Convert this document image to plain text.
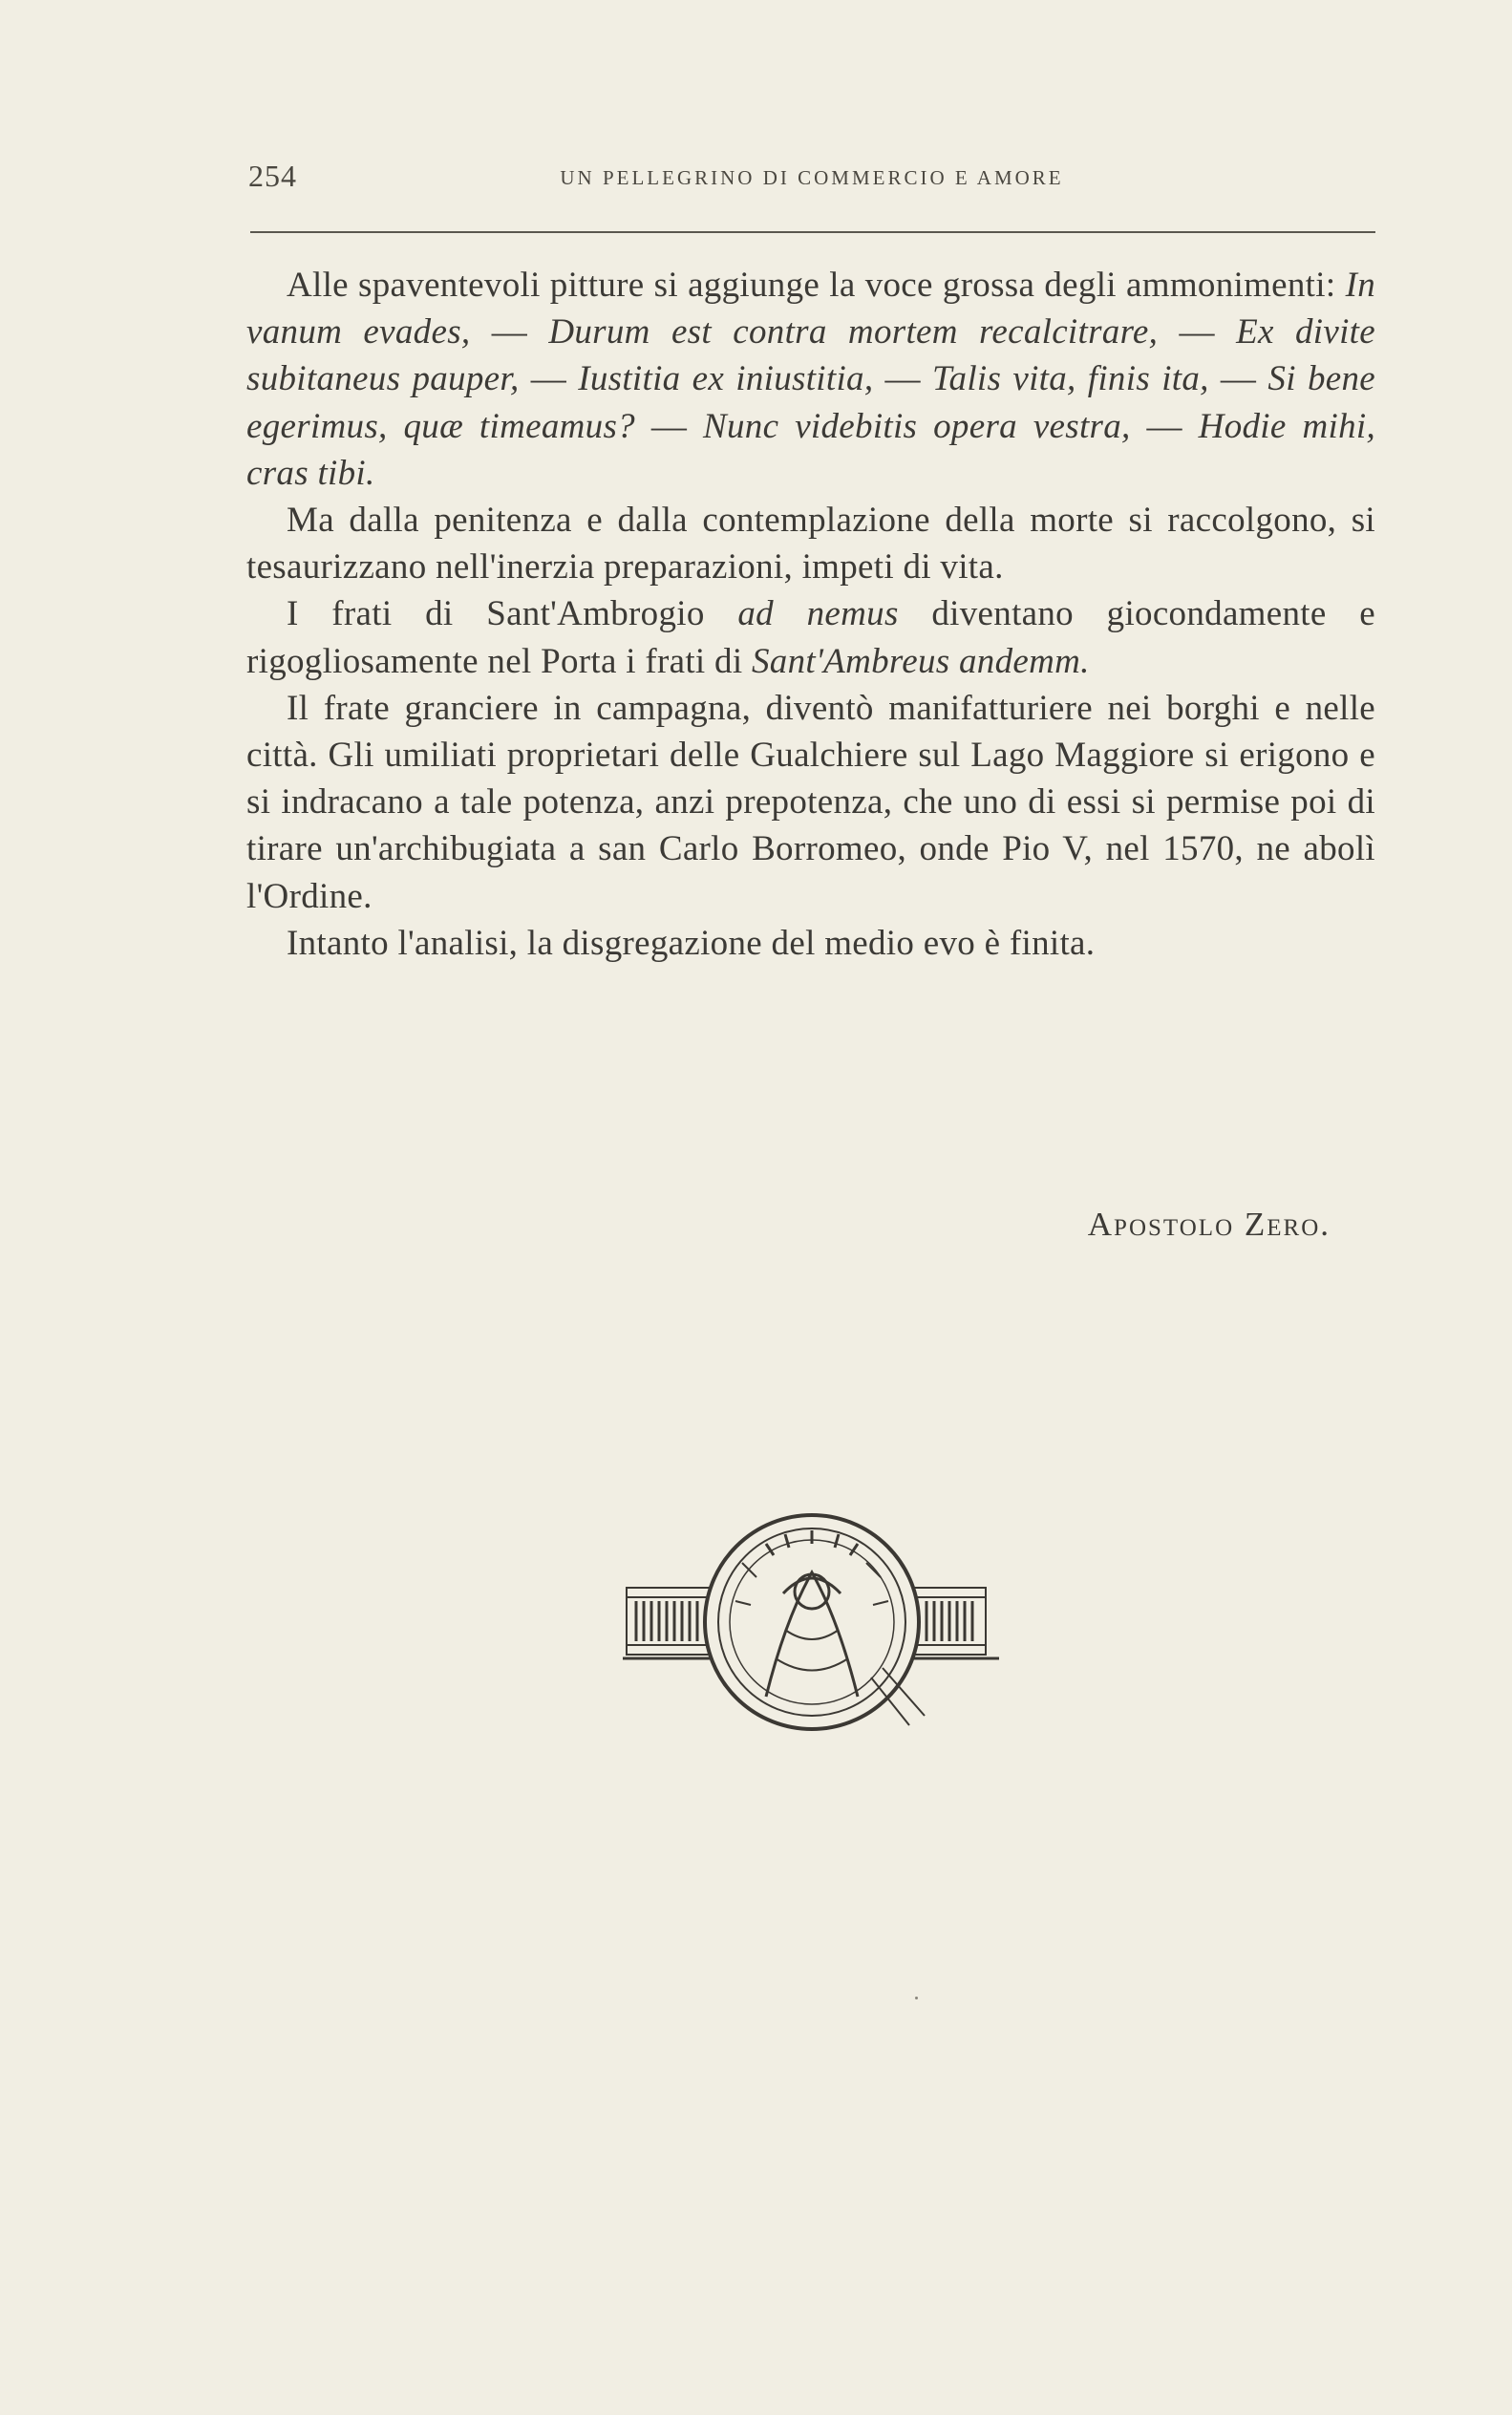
254	UN PELLEGRINO DI COMMERCIO E AMORE

Alle spaventevoli pitture si aggiunge la voce grossa degli ammonimenti: In vanum evades, — Durum est contra mortem recalcitrare, — Ex divite subitaneus pauper, — Iustitia ex iniustitia, — Talis vita, finis ita, — Si bene egerimus, quæ timeamus? — Nunc videbitis opera vestra, — Hodie mihi, cras tibi.

Ma dalla penitenza e dalla contemplazione della morte si raccolgono, si tesaurizzano nell'inerzia preparazioni, impeti di vita.

I frati di Sant'Ambrogio ad nemus diventano giocondamente e rigogliosamente nel Porta i frati di Sant'Ambreus andemm.

Il frate granciere in campagna, diventò manifatturiere nei borghi e nelle città. Gli umiliati proprietari delle Gualchiere sul Lago Maggiore si erigono e si indracano a tale potenza, anzi prepotenza, che uno di essi si permise poi di tirare un'archibugiata a san Carlo Borromeo, onde Pio V, nel 1570, ne abolì l'Ordine.

Intanto l'analisi, la disgregazione del medio evo è finita.

Apostolo Zero.
